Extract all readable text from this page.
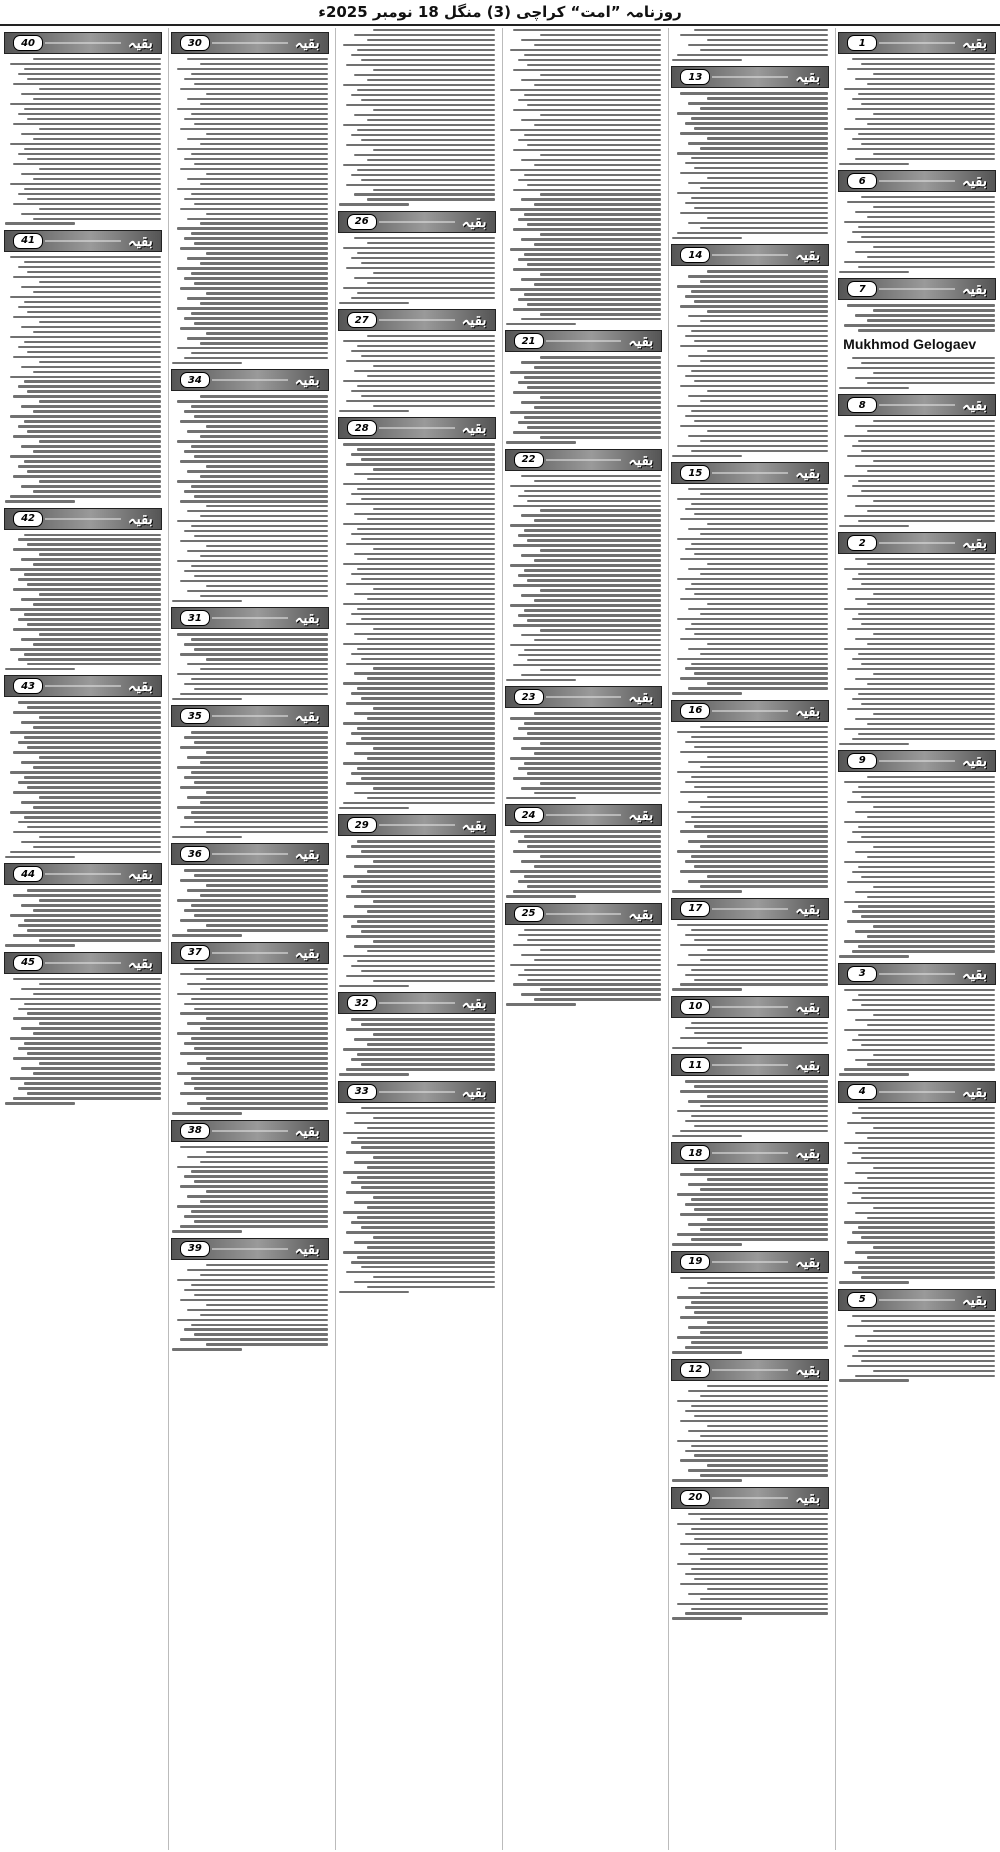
روزنامہ ”امت“ کراچی (3) منگل 18 نومبر 2025ء
بقیہ
1
بقیہ
6
بقیہ
7
Mukhmod Gelogaev
بقیہ
8
بقیہ
2
بقیہ
9
بقیہ
3
بقیہ
4
بقیہ
5
بقیہ
13
بقیہ
14
بقیہ
15
بقیہ
16
بقیہ
17
بقیہ
10
بقیہ
11
بقیہ
18
بقیہ
19
بقیہ
12
بقیہ
20
بقیہ
21
بقیہ
22
بقیہ
23
بقیہ
24
بقیہ
25
بقیہ
26
بقیہ
27
بقیہ
28
بقیہ
29
بقیہ
32
بقیہ
33
بقیہ
30
بقیہ
34
بقیہ
31
بقیہ
35
بقیہ
36
بقیہ
37
بقیہ
38
بقیہ
39
بقیہ
40
بقیہ
41
بقیہ
42
بقیہ
43
بقیہ
44
بقیہ
45
